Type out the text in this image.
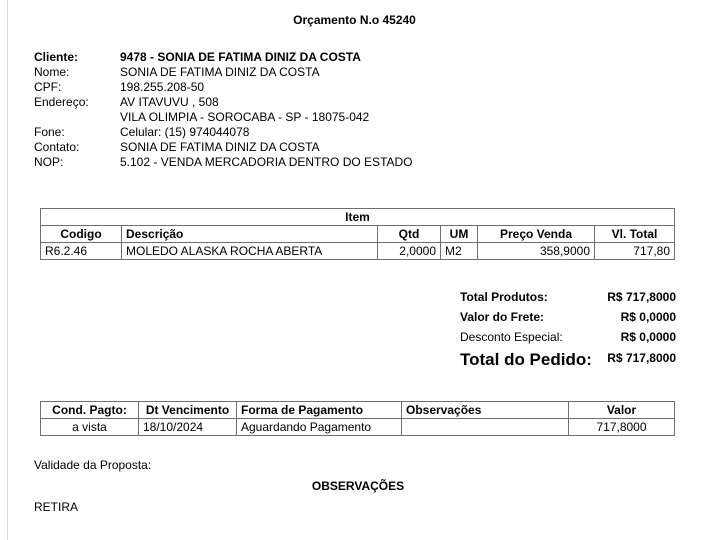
Orçamento N.o 45240
Cliente:	9478 - SONIA DE FATIMA DINIZ DA COSTA
Nome:	SONIA DE FATIMA DINIZ DA COSTA
CPF:	198.255.208-50
Endereço:	AV ITAVUVU , 508
VILA OLIMPIA - SOROCABA - SP - 18075-042
Fone:	Celular: (15) 974044078
Contato:	SONIA DE FATIMA DINIZ DA COSTA
NOP:	5.102 - VENDA MERCADORIA DENTRO DO ESTADO
Item					
Codigo	Descrição	Qtd	UM	Preço Venda	Vl. Total
R6.2.46	MOLEDO ALASKA ROCHA ABERTA	2,0000	M2	358,9000	717,80
Total Produtos:	R$ 717,8000
Valor do Frete:	R$ 0,0000
Desconto Especial:	R$ 0,0000
Total do Pedido: R$ 717,8000
Cond. Pagto:	Dt Vencimento	Forma de Pagamento	Observações	Valor
a vista	18/10/2024	Aguardando Pagamento		717,8000
Validade da Proposta:
OBSERVAÇÕES
RETIRA
